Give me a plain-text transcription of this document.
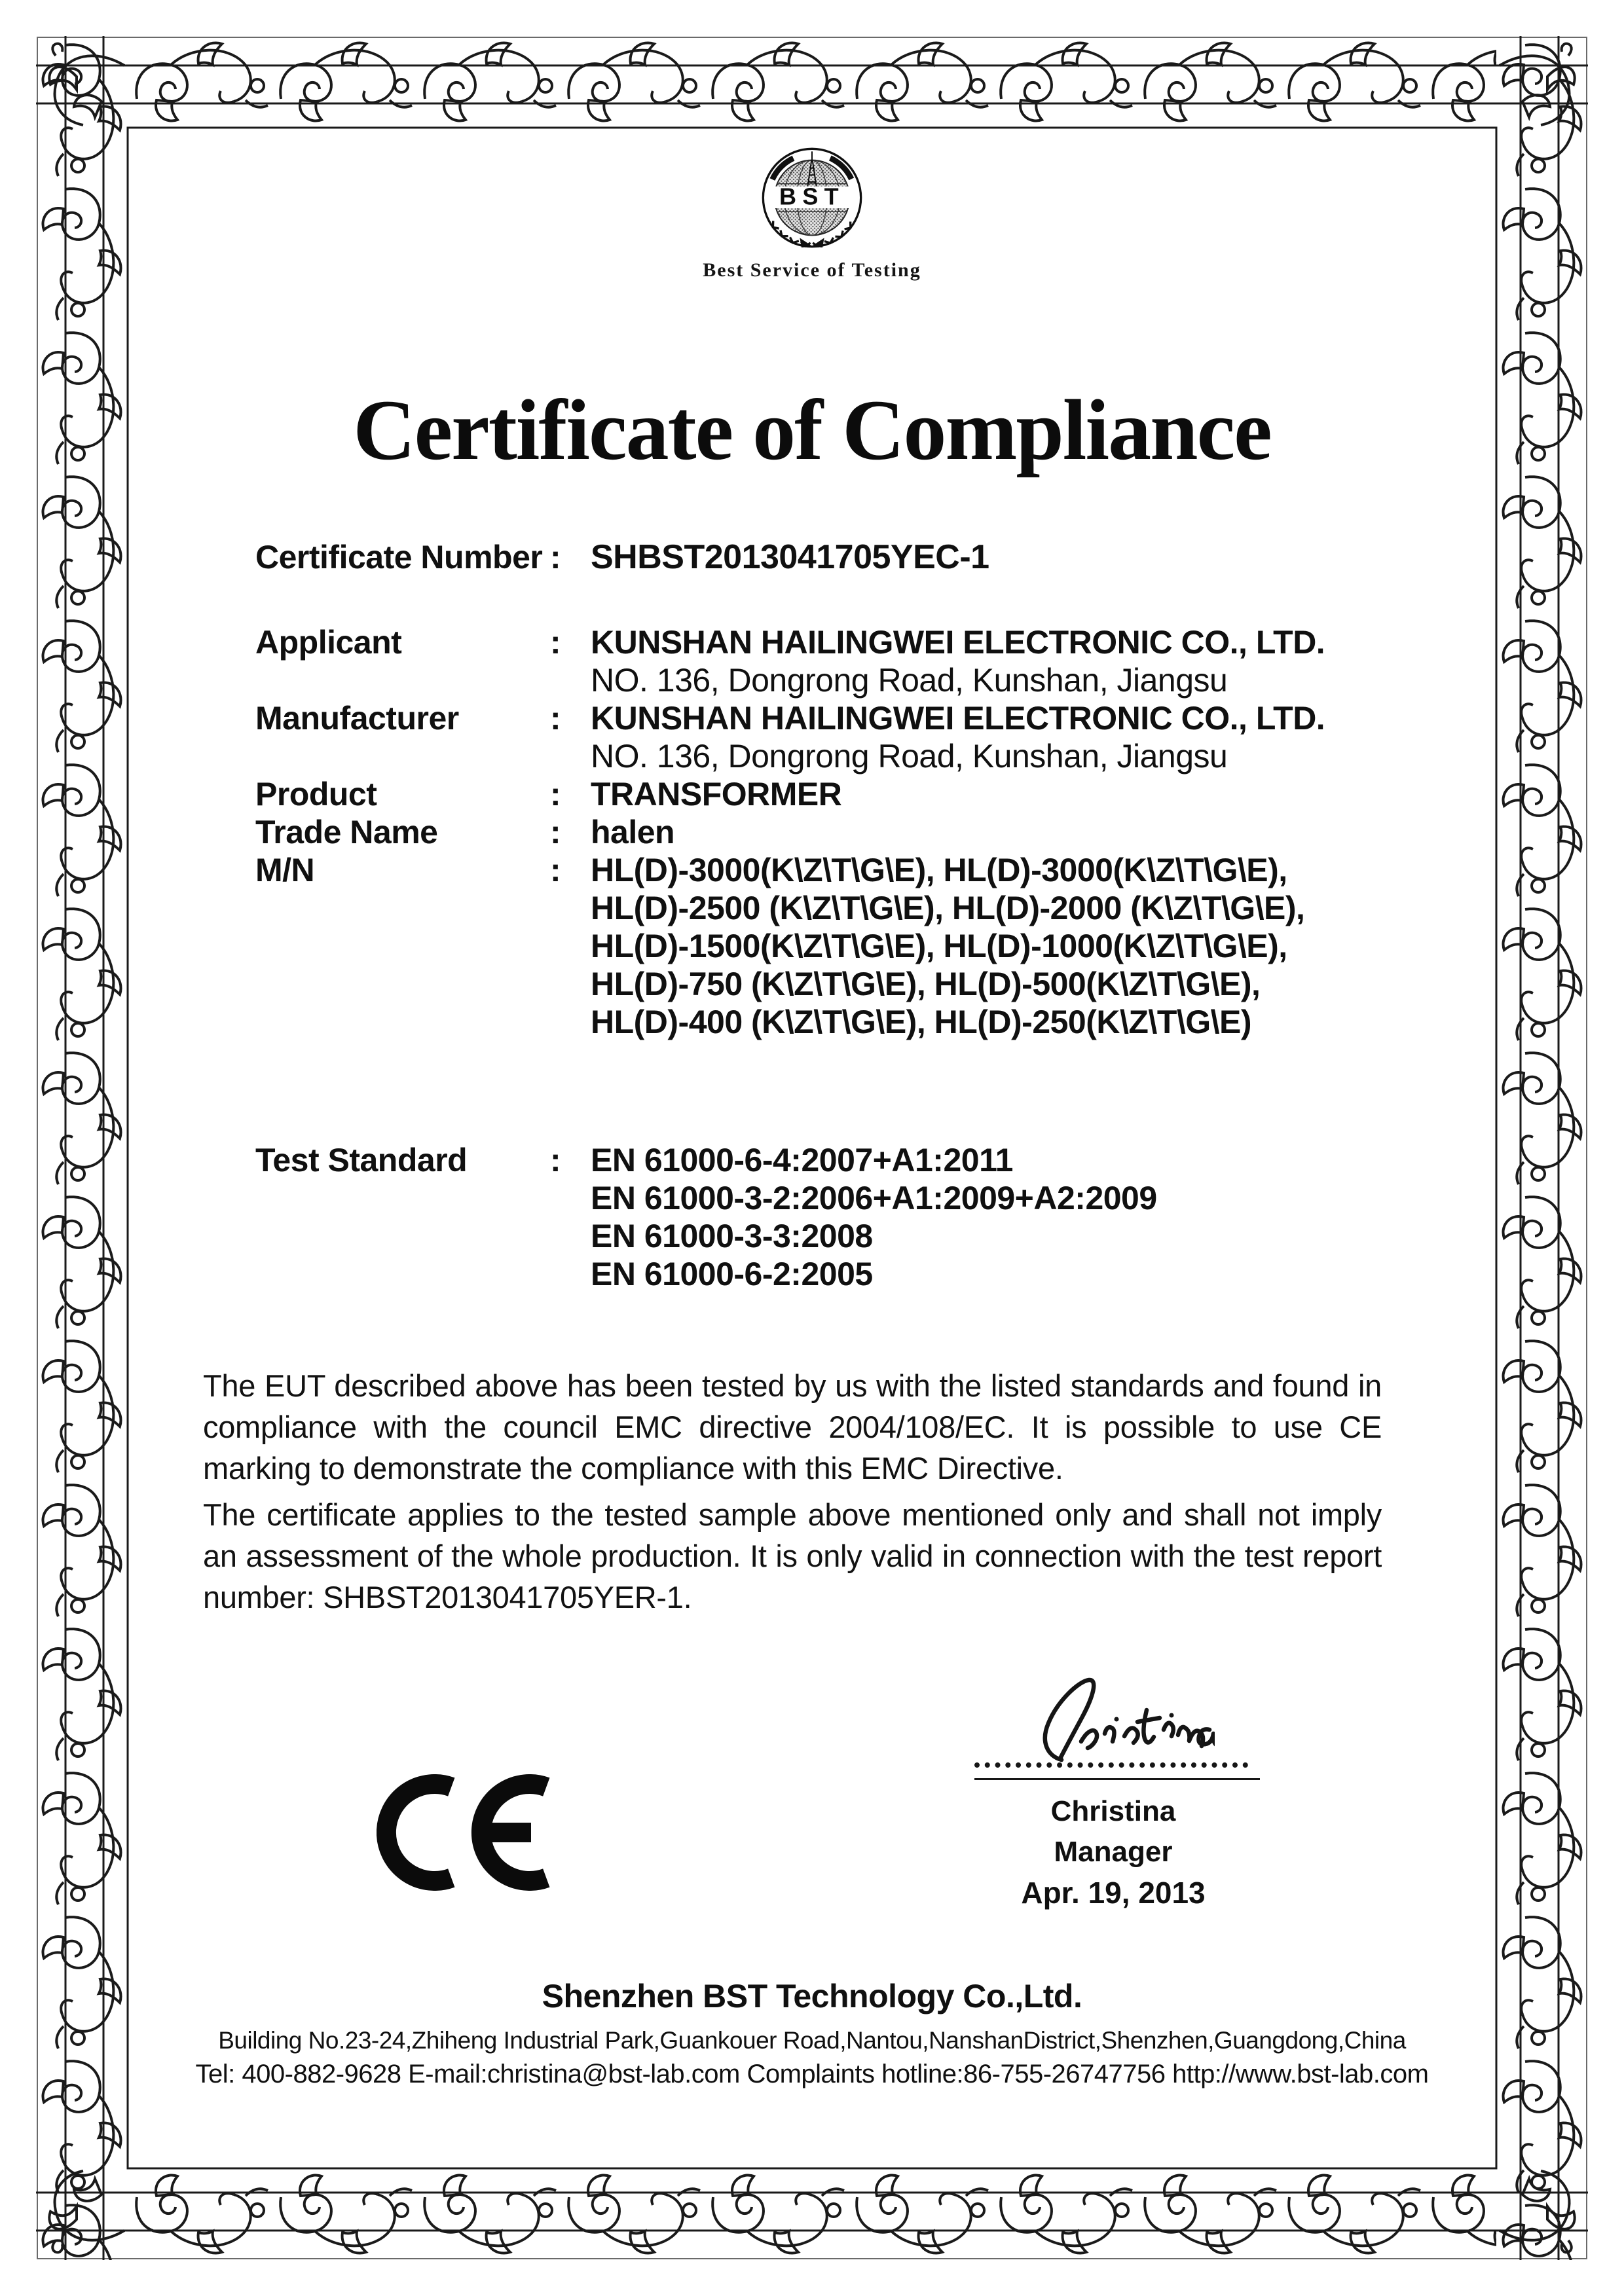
BST
Best Service of Testing
Certificate of Compliance
Certificate Number : SHBST2013041705YEC-1
Applicant	: KUNSHAN HAILINGWEI ELECTRONIC CO., LTD.
NO. 136, Dongrong Road, Kunshan, Jiangsu
Manufacturer	: KUNSHAN HAILINGWEI ELECTRONIC CO., LTD.
NO. 136, Dongrong Road, Kunshan, Jiangsu
Product	: TRANSFORMER
Trade Name	: halen
M/N	: HL(D)-3000(K\Z\T\G\E), HL(D)-3000(K\Z\T\G\E),
HL(D)-2500 (K\Z\T\G\E), HL(D)-2000 (K\Z\T\G\E),
HL(D)-1500(K\Z\T\G\E), HL(D)-1000(K\Z\T\G\E),
HL(D)-750 (K\Z\T\G\E), HL(D)-500(K\Z\T\G\E),
HL(D)-400 (K\Z\T\G\E), HL(D)-250(K\Z\T\G\E)
Test Standard	: EN 61000-6-4:2007+A1:2011
EN 61000-3-2:2006+A1:2009+A2:2009
EN 61000-3-3:2008
EN 61000-6-2:2005
The EUT described above has been tested by us with the listed standards and found in
compliance with the council EMC directive 2004/108/EC. It is possible to use CE
marking to demonstrate the compliance with this EMC Directive.
The certificate applies to the tested sample above mentioned only and shall not imply
an assessment of the whole production. It is only valid in connection with the test report
number: SHBST2013041705YER-1.
Christina
Manager
Apr. 19, 2013
Shenzhen BST Technology Co.,Ltd.
Building No.23-24,Zhiheng Industrial Park,Guankouer Road,Nantou,NanshanDistrict,Shenzhen,Guangdong,China
Tel: 400-882-9628 E-mail:christina@bst-lab.com Complaints hotline:86-755-26747756 http://www.bst-lab.com
